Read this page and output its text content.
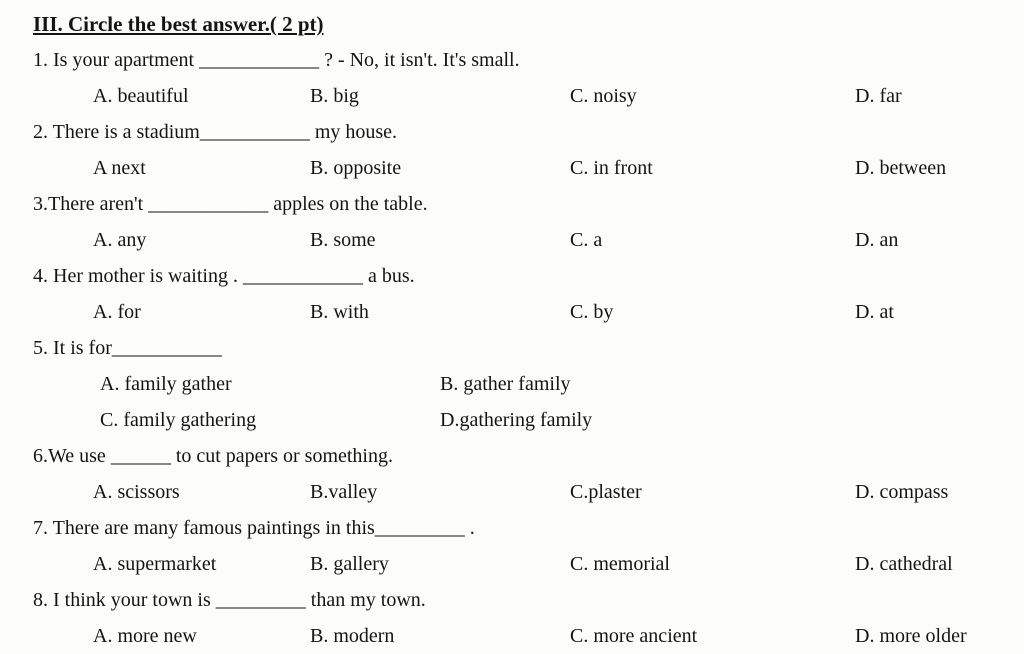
III. Circle the best answer.( 2 pt)
1. Is your apartment ____________ ? - No, it isn't. It's small.
A. beautiful	B. big	C. noisy	D. far
2. There is a stadium___________ my house.
A next	B. opposite	C. in front	D. between
3.There aren't ____________ apples on the table.
A. any	B. some	C. a	D. an
4. Her mother is waiting . ____________ a bus.
A. for	B. with	C. by	D. at
5. It is for___________
A. family gather	B. gather family
C. family gathering	D.gathering family
6.We use ______ to cut papers or something.
A. scissors	B.valley	C.plaster	D. compass
7. There are many famous paintings in this_________ .
A. supermarket	B. gallery	C. memorial	D. cathedral
8. I think your town is _________ than my town.
A. more new	B. modern	C. more ancient	D. more older
